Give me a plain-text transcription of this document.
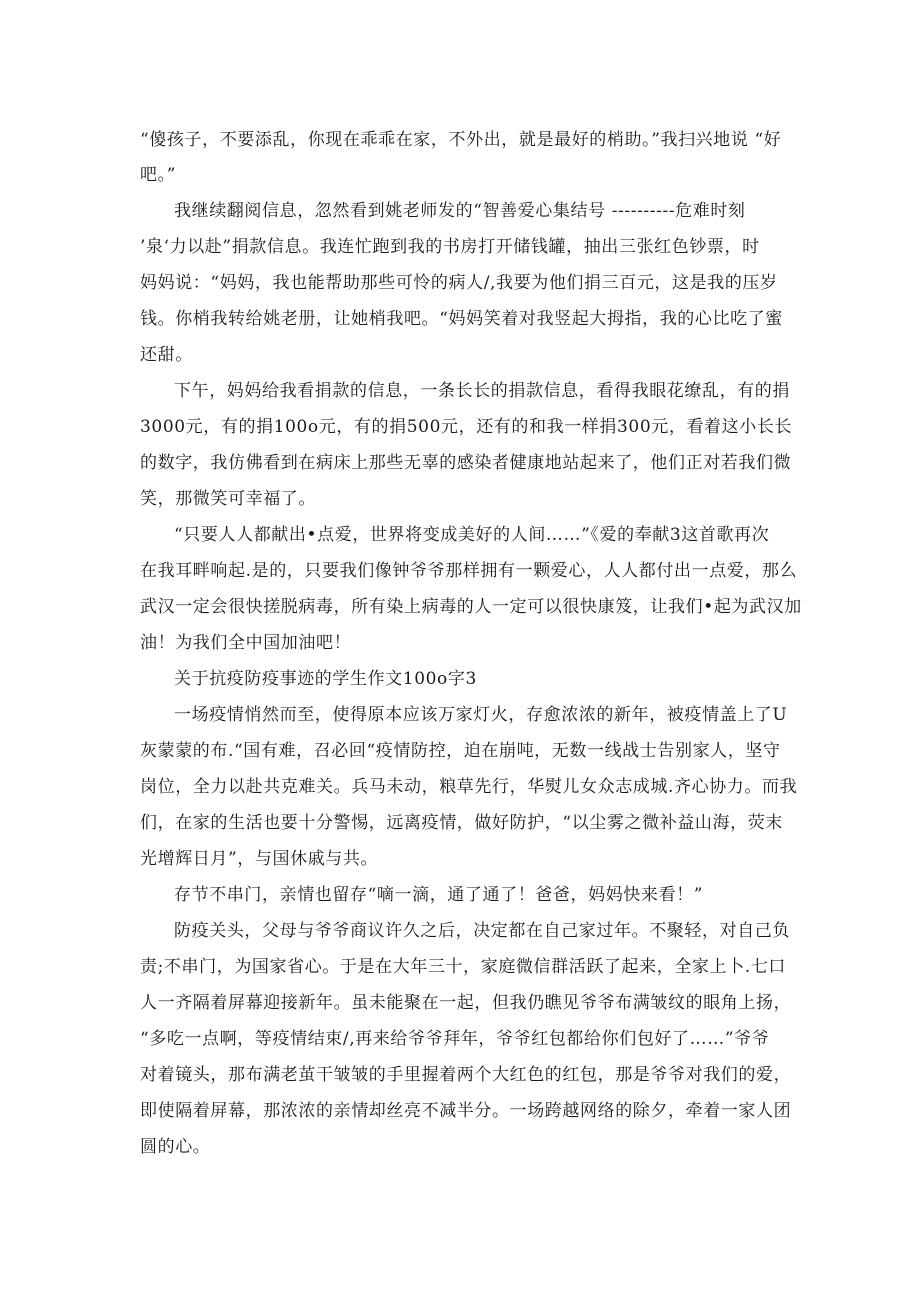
“傻孩子，不要添乱，你现在乖乖在家，不外出，就是最好的梢助。”我扫兴地说 “好
吧。”
我继续翻阅信息，忽然看到姚老师发的“智善爱心集结号 ----------危难时刻
’泉‘力以赴”捐款信息。我连忙跑到我的书房打开储钱罐，抽出三张红色钞票，时
妈妈说：“妈妈，我也能帮助那些可怜的病人/,我要为他们捐三百元，这是我的压岁
钱。你梢我转给姚老册，让她梢我吧。“妈妈笑着对我竖起大拇指，我的心比吃了蜜
还甜。
下午，妈妈给我看捐款的信息，一条长长的捐款信息，看得我眼花缭乱，有的捐
3000元，有的捐100o元，有的捐500元，还有的和我一样捐300元，看着这小长长
的数字，我仿佛看到在病床上那些无辜的感染者健康地站起来了，他们正对若我们微
笑，那微笑可幸福了。
“只要人人都献出•点爱，世界将变成美好的人间……”《爱的奉献3这首歌再次
在我耳畔响起.是的，只要我们像钟爷爷那样拥有一颗爱心，人人都付出一点爱，那么
武汉一定会很快搓脱病毒，所有染上病毒的人一定可以很快康笈，让我们•起为武汉加
油！为我们全中国加油吧！
关于抗疫防疫事迹的学生作文100o字3
一场疫情悄然而至，使得原本应该万家灯火，存愈浓浓的新年，被疫情盖上了U
灰蒙蒙的布.“国有难，召必回“疫情防控，迫在崩吨，无数一线战士告别家人，坚守
岗位，全力以赴共克难关。兵马未动，粮草先行，华熨儿女众志成城.齐心协力。而我
们，在家的生活也要十分警惕，远离疫情，做好防护，“以尘雾之微补益山海，荧末
光增辉日月”，与国休戚与共。
存节不串门，亲情也留存“嘀一滴，通了通了！爸爸，妈妈快来看！”
防疫关头，父母与爷爷商议许久之后，决定都在自己家过年。不聚轻，对自己负
责;不串门，为国家省心。于是在大年三十，家庭微信群活跃了起来，全家上卜.七口
人一齐隔着屏幕迎接新年。虽未能聚在一起，但我仍瞧见爷爷布满皱纹的眼角上扬，
“多吃一点啊，等疫情结束/,再来给爷爷拜年，爷爷红包都给你们包好了……”爷爷
对着镜头，那布满老茧干皱皱的手里握着两个大红色的红包，那是爷爷对我们的爱，
即使隔着屏幕，那浓浓的亲情却丝亮不减半分。一场跨越网络的除夕，牵着一家人团
圆的心。
